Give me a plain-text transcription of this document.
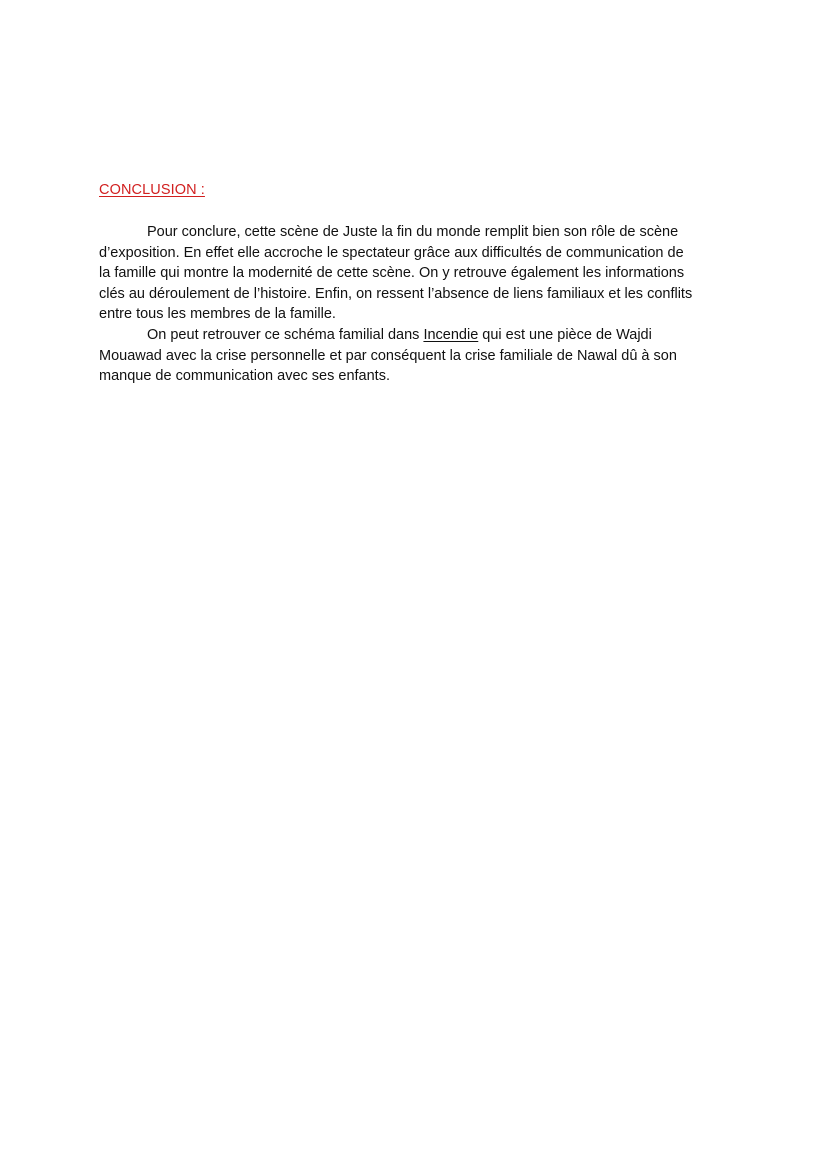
CONCLUSION :
Pour conclure, cette scène de Juste la fin du monde remplit bien son rôle de scène
d’exposition. En effet elle accroche le spectateur grâce aux difficultés de communication de
la famille qui montre la modernité de cette scène. On y retrouve également les informations
clés au déroulement de l’histoire. Enfin, on ressent l’absence de liens familiaux et les conflits
entre tous les membres de la famille.
On peut retrouver ce schéma familial dans Incendie qui est une pièce de Wajdi
Mouawad avec la crise personnelle et par conséquent la crise familiale de Nawal dû à son
manque de communication avec ses enfants.
